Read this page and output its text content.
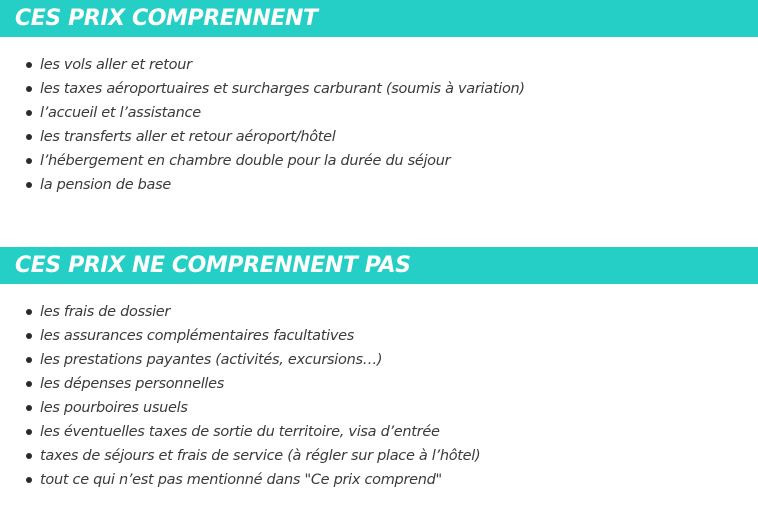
CES PRIX COMPRENNENT
les vols aller et retour
les taxes aéroportuaires et surcharges carburant (soumis à variation)
l’accueil et l’assistance
les transferts aller et retour aéroport/hôtel
l’hébergement en chambre double pour la durée du séjour
la pension de base
CES PRIX NE COMPRENNENT PAS
les frais de dossier
les assurances complémentaires facultatives
les prestations payantes (activités, excursions…)
les dépenses personnelles
les pourboires usuels
les éventuelles taxes de sortie du territoire, visa d’entrée
taxes de séjours et frais de service (à régler sur place à l’hôtel)
tout ce qui n’est pas mentionné dans "Ce prix comprend"
